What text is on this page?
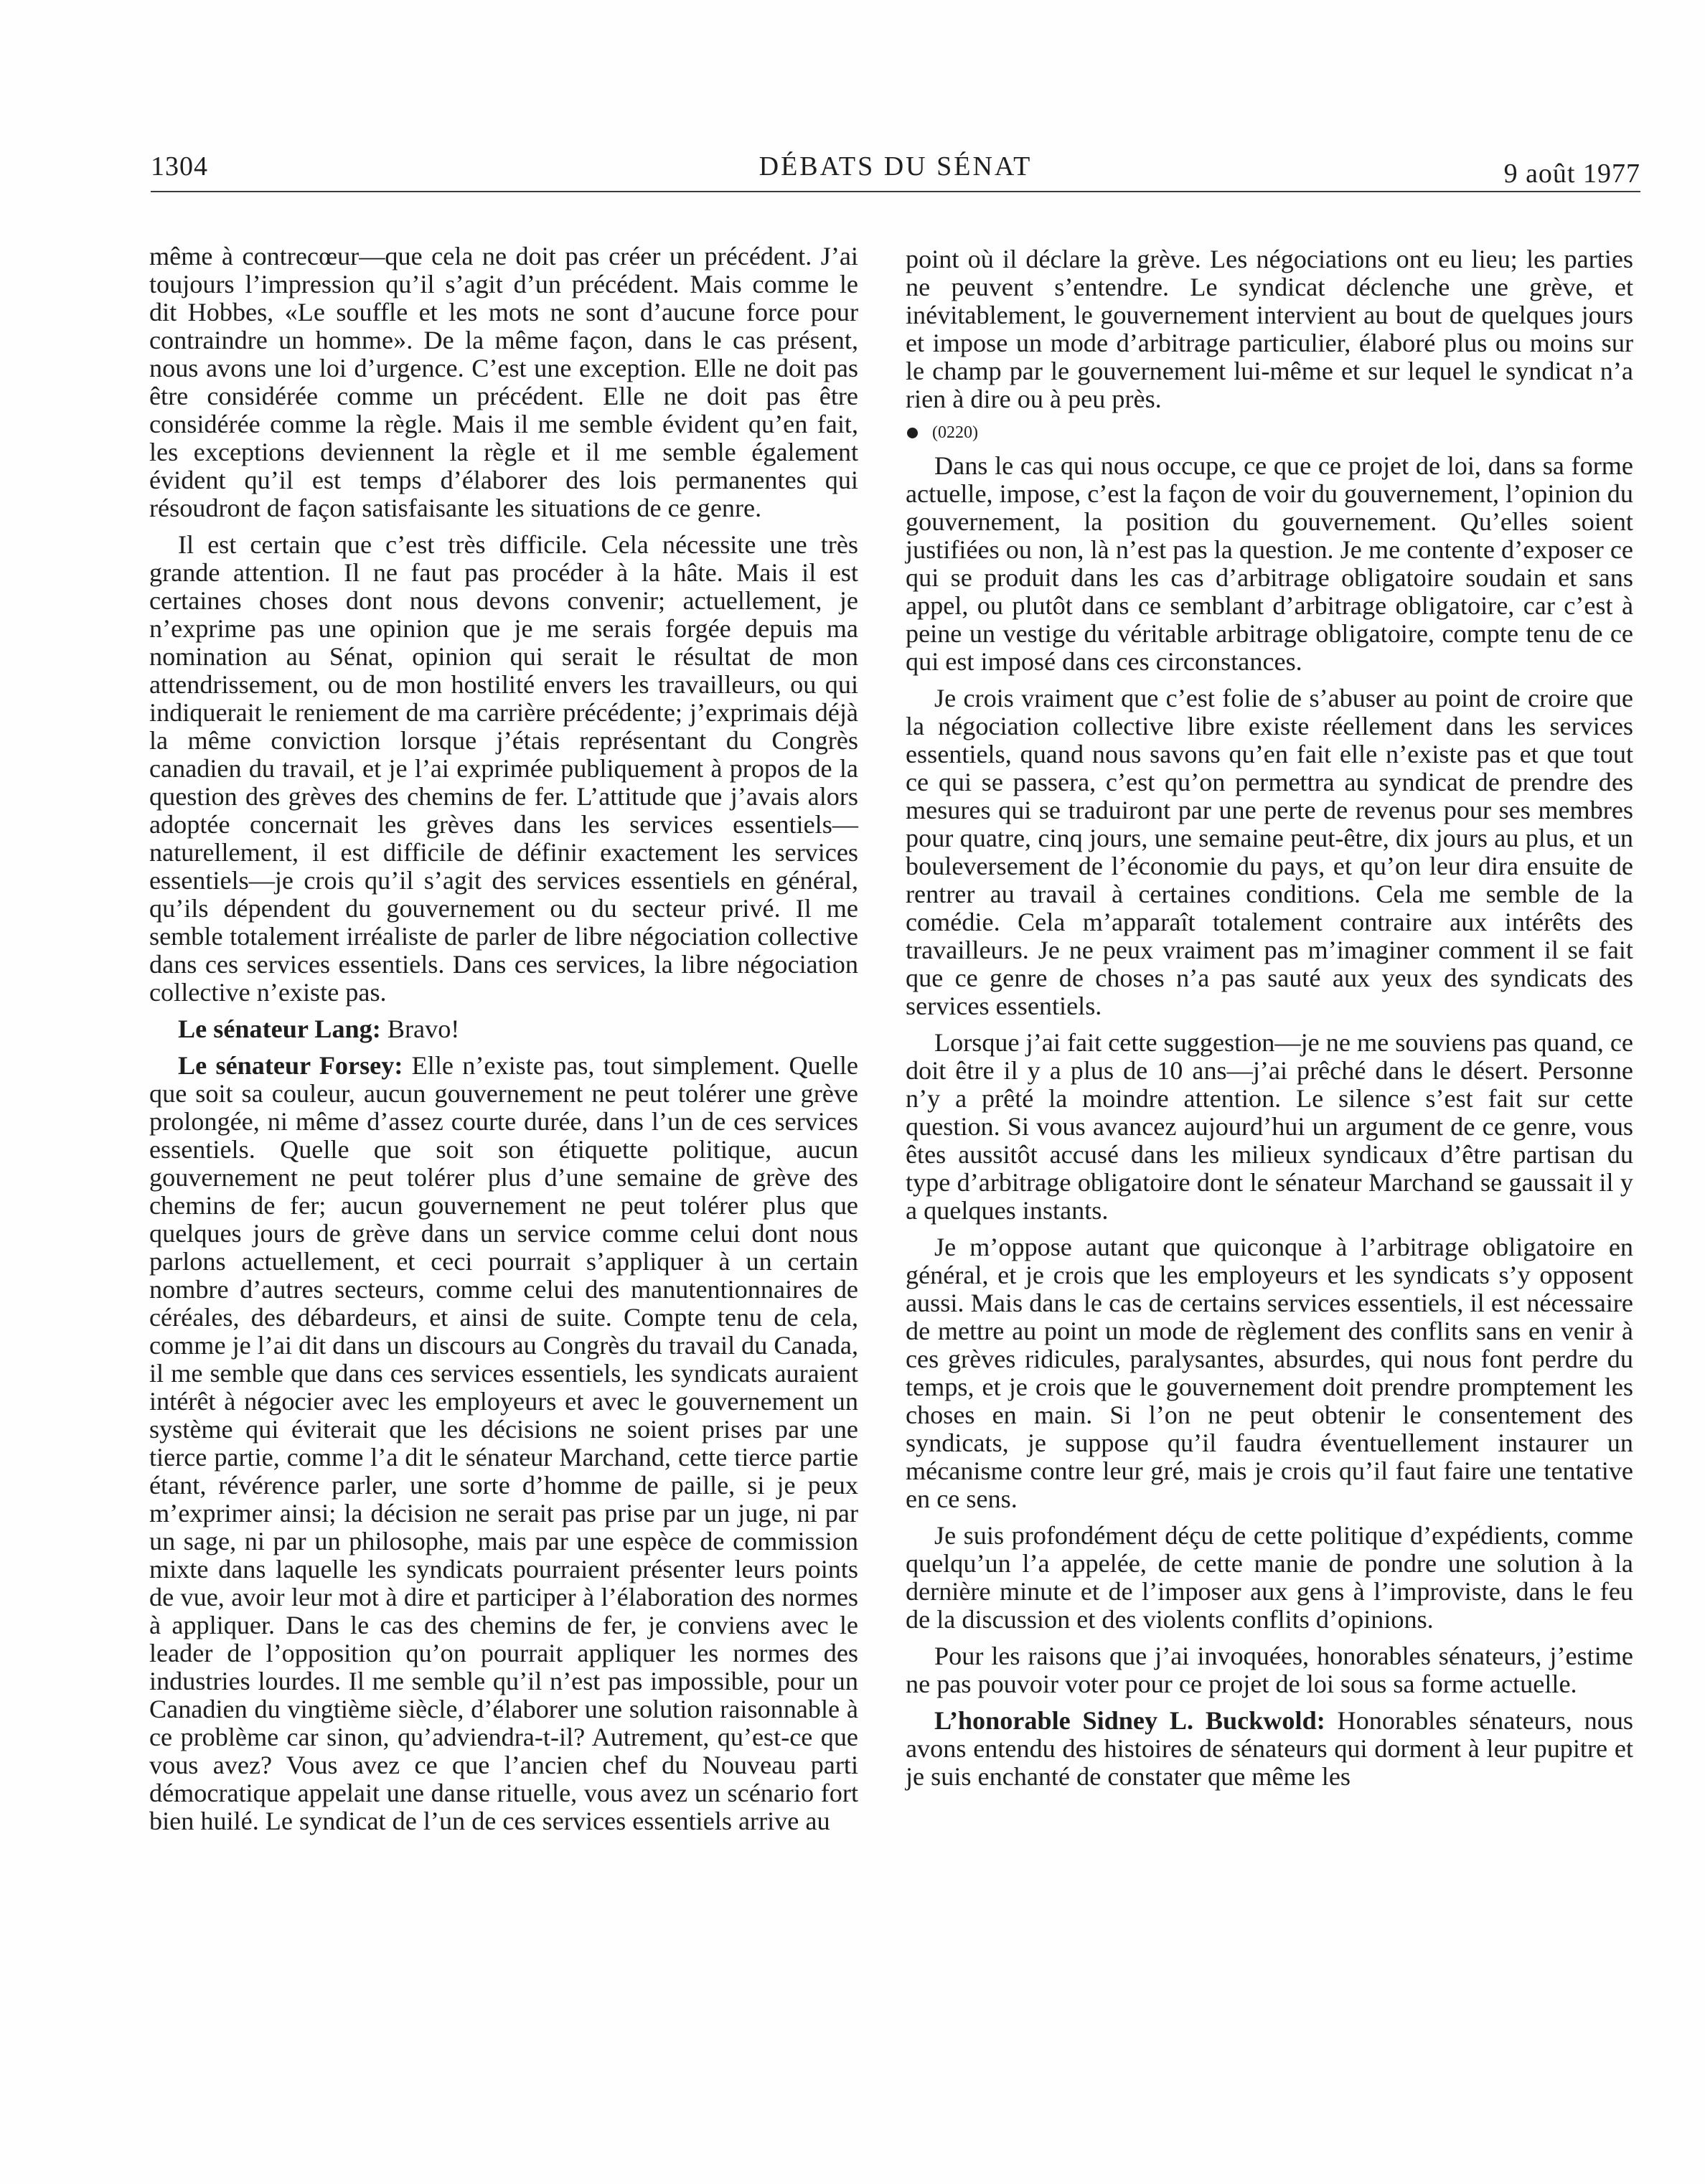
1304	DÉBATS DU SÉNAT	9 août 1977

même à contrecœur—que cela ne doit pas créer un précédent. J’ai toujours l’impression qu’il s’agit d’un précédent. Mais comme le dit Hobbes, «Le souffle et les mots ne sont d’aucune force pour contraindre un homme». De la même façon, dans le cas présent, nous avons une loi d’urgence. C’est une exception. Elle ne doit pas être considérée comme un précédent. Elle ne doit pas être considérée comme la règle. Mais il me semble évident qu’en fait, les exceptions deviennent la règle et il me semble également évident qu’il est temps d’élaborer des lois permanentes qui résoudront de façon satisfaisante les situations de ce genre.

Il est certain que c’est très difficile. Cela nécessite une très grande attention. Il ne faut pas procéder à la hâte. Mais il est certaines choses dont nous devons convenir; actuellement, je n’exprime pas une opinion que je me serais forgée depuis ma nomination au Sénat, opinion qui serait le résultat de mon attendrissement, ou de mon hostilité envers les travailleurs, ou qui indiquerait le reniement de ma carrière précédente; j’exprimais déjà la même conviction lorsque j’étais représentant du Congrès canadien du travail, et je l’ai exprimée publiquement à propos de la question des grèves des chemins de fer. L’attitude que j’avais alors adoptée concernait les grèves dans les services essentiels—naturellement, il est difficile de définir exactement les services essentiels—je crois qu’il s’agit des services essentiels en général, qu’ils dépendent du gouvernement ou du secteur privé. Il me semble totalement irréaliste de parler de libre négociation collective dans ces services essentiels. Dans ces services, la libre négociation collective n’existe pas.

Le sénateur Lang: Bravo!

Le sénateur Forsey: Elle n’existe pas, tout simplement. Quelle que soit sa couleur, aucun gouvernement ne peut tolérer une grève prolongée, ni même d’assez courte durée, dans l’un de ces services essentiels. Quelle que soit son étiquette politique, aucun gouvernement ne peut tolérer plus d’une semaine de grève des chemins de fer; aucun gouvernement ne peut tolérer plus que quelques jours de grève dans un service comme celui dont nous parlons actuellement, et ceci pourrait s’appliquer à un certain nombre d’autres secteurs, comme celui des manutentionnaires de céréales, des débardeurs, et ainsi de suite. Compte tenu de cela, comme je l’ai dit dans un discours au Congrès du travail du Canada, il me semble que dans ces services essentiels, les syndicats auraient intérêt à négocier avec les employeurs et avec le gouvernement un système qui éviterait que les décisions ne soient prises par une tierce partie, comme l’a dit le sénateur Marchand, cette tierce partie étant, révérence parler, une sorte d’homme de paille, si je peux m’exprimer ainsi; la décision ne serait pas prise par un juge, ni par un sage, ni par un philosophe, mais par une espèce de commission mixte dans laquelle les syndicats pourraient présenter leurs points de vue, avoir leur mot à dire et participer à l’élaboration des normes à appliquer. Dans le cas des chemins de fer, je conviens avec le leader de l’opposition qu’on pourrait appliquer les normes des industries lourdes. Il me semble qu’il n’est pas impossible, pour un Canadien du vingtième siècle, d’élaborer une solution raisonnable à ce problème car sinon, qu’adviendra-t-il? Autrement, qu’est-ce que vous avez? Vous avez ce que l’ancien chef du Nouveau parti démocratique appelait une danse rituelle, vous avez un scénario fort bien huilé. Le syndicat de l’un de ces services essentiels arrive au

point où il déclare la grève. Les négociations ont eu lieu; les parties ne peuvent s’entendre. Le syndicat déclenche une grève, et inévitablement, le gouvernement intervient au bout de quelques jours et impose un mode d’arbitrage particulier, élaboré plus ou moins sur le champ par le gouvernement lui-même et sur lequel le syndicat n’a rien à dire ou à peu près.

(0220)

Dans le cas qui nous occupe, ce que ce projet de loi, dans sa forme actuelle, impose, c’est la façon de voir du gouvernement, l’opinion du gouvernement, la position du gouvernement. Qu’elles soient justifiées ou non, là n’est pas la question. Je me contente d’exposer ce qui se produit dans les cas d’arbitrage obligatoire soudain et sans appel, ou plutôt dans ce semblant d’arbitrage obligatoire, car c’est à peine un vestige du véritable arbitrage obligatoire, compte tenu de ce qui est imposé dans ces circonstances.

Je crois vraiment que c’est folie de s’abuser au point de croire que la négociation collective libre existe réellement dans les services essentiels, quand nous savons qu’en fait elle n’existe pas et que tout ce qui se passera, c’est qu’on permettra au syndicat de prendre des mesures qui se traduiront par une perte de revenus pour ses membres pour quatre, cinq jours, une semaine peut-être, dix jours au plus, et un bouleversement de l’économie du pays, et qu’on leur dira ensuite de rentrer au travail à certaines conditions. Cela me semble de la comédie. Cela m’apparaît totalement contraire aux intérêts des travailleurs. Je ne peux vraiment pas m’imaginer comment il se fait que ce genre de choses n’a pas sauté aux yeux des syndicats des services essentiels.

Lorsque j’ai fait cette suggestion—je ne me souviens pas quand, ce doit être il y a plus de 10 ans—j’ai prêché dans le désert. Personne n’y a prêté la moindre attention. Le silence s’est fait sur cette question. Si vous avancez aujourd’hui un argument de ce genre, vous êtes aussitôt accusé dans les milieux syndicaux d’être partisan du type d’arbitrage obligatoire dont le sénateur Marchand se gaussait il y a quelques instants.

Je m’oppose autant que quiconque à l’arbitrage obligatoire en général, et je crois que les employeurs et les syndicats s’y opposent aussi. Mais dans le cas de certains services essentiels, il est nécessaire de mettre au point un mode de règlement des conflits sans en venir à ces grèves ridicules, paralysantes, absurdes, qui nous font perdre du temps, et je crois que le gouvernement doit prendre promptement les choses en main. Si l’on ne peut obtenir le consentement des syndicats, je suppose qu’il faudra éventuellement instaurer un mécanisme contre leur gré, mais je crois qu’il faut faire une tentative en ce sens.

Je suis profondément déçu de cette politique d’expédients, comme quelqu’un l’a appelée, de cette manie de pondre une solution à la dernière minute et de l’imposer aux gens à l’improviste, dans le feu de la discussion et des violents conflits d’opinions.

Pour les raisons que j’ai invoquées, honorables sénateurs, j’estime ne pas pouvoir voter pour ce projet de loi sous sa forme actuelle.

L’honorable Sidney L. Buckwold: Honorables sénateurs, nous avons entendu des histoires de sénateurs qui dorment à leur pupitre et je suis enchanté de constater que même les
